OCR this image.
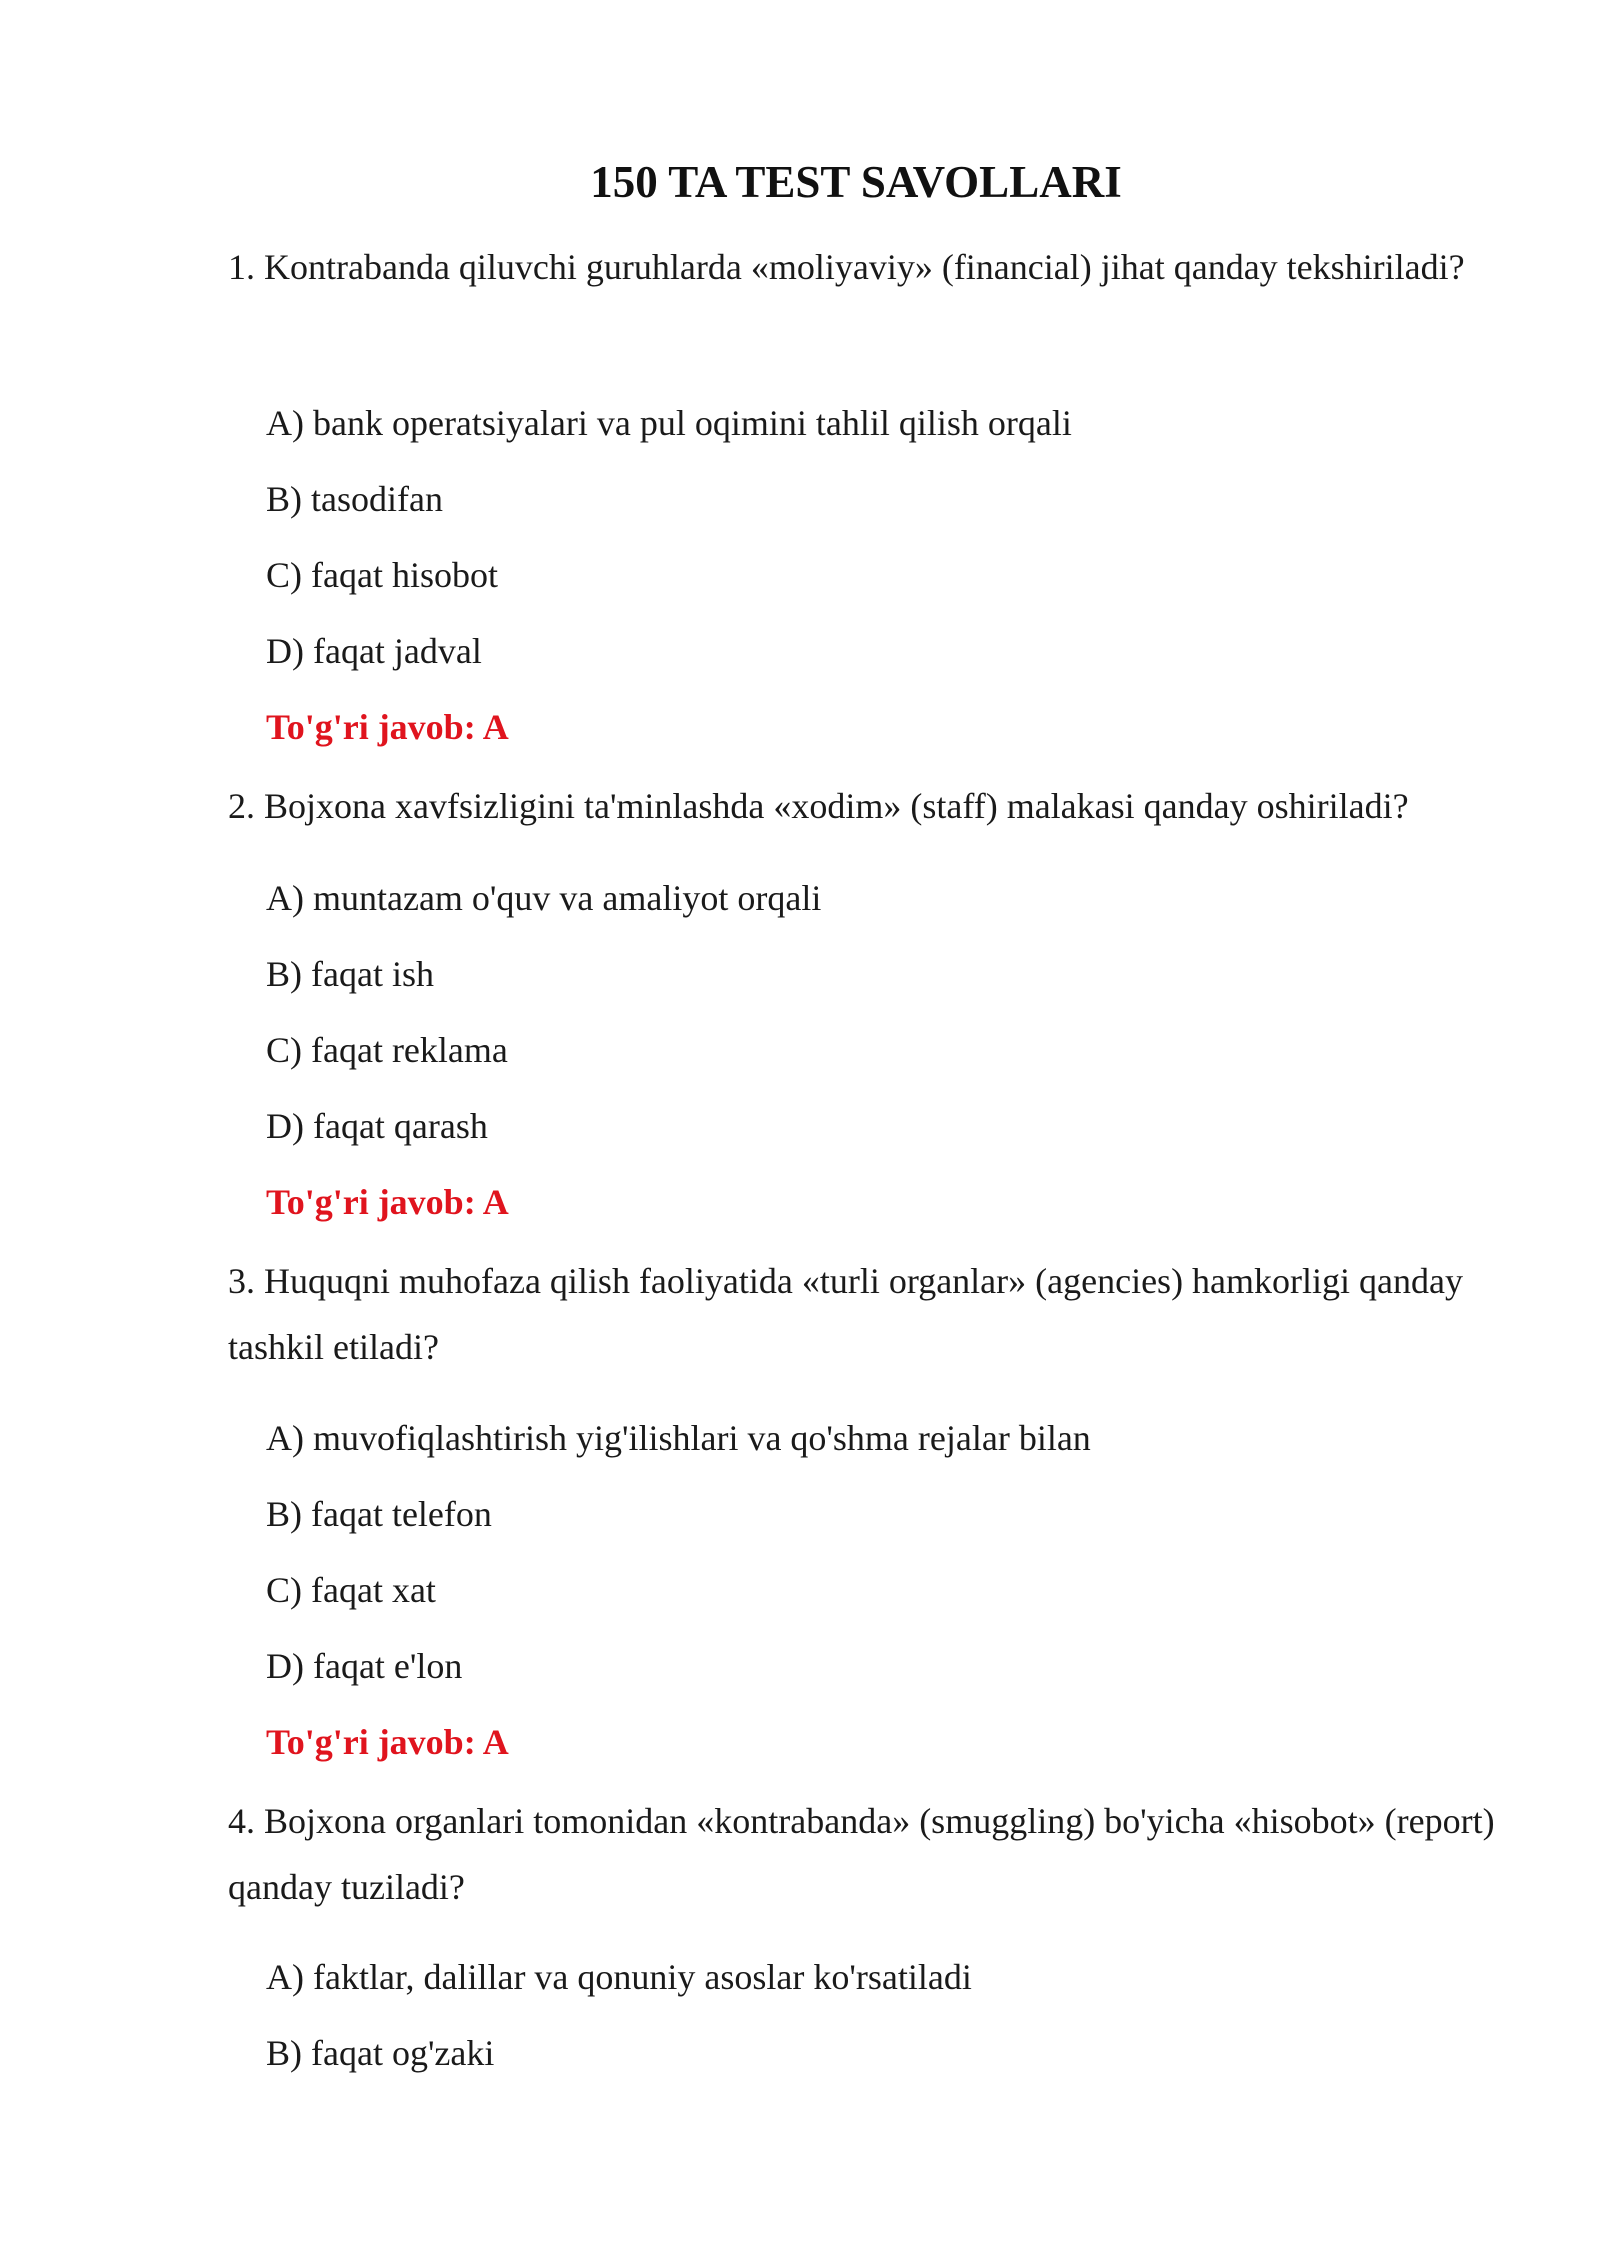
150 TA TEST SAVOLLARI

1. Kontrabanda qiluvchi guruhlarda «moliyaviy» (financial) jihat qanday tekshiriladi?

A) bank operatsiyalari va pul oqimini tahlil qilish orqali

B) tasodifan

C) faqat hisobot

D) faqat jadval

To'g'ri javob: A

2. Bojxona xavfsizligini ta'minlashda «xodim» (staff) malakasi qanday oshiriladi?

A) muntazam o'quv va amaliyot orqali

B) faqat ish

C) faqat reklama

D) faqat qarash

To'g'ri javob: A

3. Huquqni muhofaza qilish faoliyatida «turli organlar» (agencies) hamkorligi qanday tashkil etiladi?

A) muvofiqlashtirish yig'ilishlari va qo'shma rejalar bilan

B) faqat telefon

C) faqat xat

D) faqat e'lon

To'g'ri javob: A

4. Bojxona organlari tomonidan «kontrabanda» (smuggling) bo'yicha «hisobot» (report) qanday tuziladi?

A) faktlar, dalillar va qonuniy asoslar ko'rsatiladi

B) faqat og'zaki
